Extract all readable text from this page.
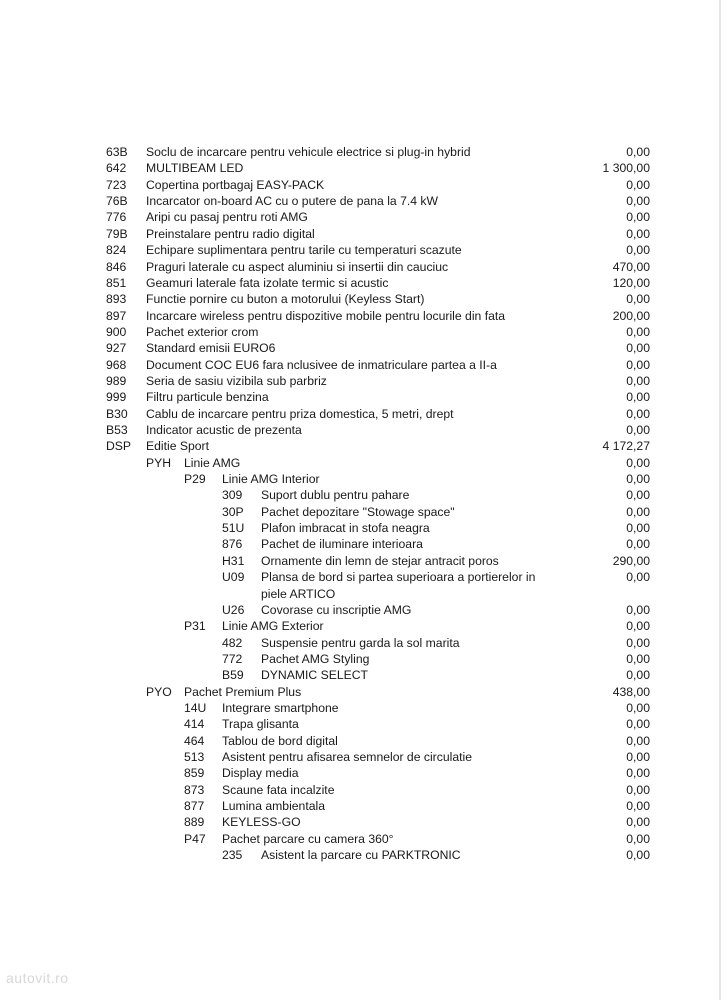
63B Soclu de incarcare pentru vehicule electrice si plug-in hybrid	0,00
642 MULTIBEAM LED	1 300,00
723 Copertina portbagaj EASY-PACK	0,00
76B Incarcator on-board AC cu o putere de pana la 7.4 kW	0,00
776 Aripi cu pasaj pentru roti AMG	0,00
79B Preinstalare pentru radio digital	0,00
824 Echipare suplimentara pentru tarile cu temperaturi scazute	0,00
846 Praguri laterale cu aspect aluminiu si insertii din cauciuc	470,00
851 Geamuri laterale fata izolate termic si acustic	120,00
893 Functie pornire cu buton a motorului (Keyless Start)	0,00
897 Incarcare wireless pentru dispozitive mobile pentru locurile din fata	200,00
900 Pachet exterior crom	0,00
927 Standard emisii EURO6	0,00
968 Document COC EU6 fara nclusivee de inmatriculare partea a II-a	0,00
989 Seria de sasiu vizibila sub parbriz	0,00
999 Filtru particule benzina	0,00
B30 Cablu de incarcare pentru priza domestica, 5 metri, drept	0,00
B53 Indicator acustic de prezenta	0,00
DSP Editie Sport	4 172,27
PYH Linie AMG	0,00
P29 Linie AMG Interior	0,00
309 Suport dublu pentru pahare	0,00
30P Pachet depozitare "Stowage space"	0,00
51U Plafon imbracat in stofa neagra	0,00
876 Pachet de iluminare interioara	0,00
H31 Ornamente din lemn de stejar antracit poros	290,00
U09 Plansa de bord si partea superioara a portierelor in	0,00
piele ARTICO
U26 Covorase cu inscriptie AMG	0,00
P31 Linie AMG Exterior	0,00
482 Suspensie pentru garda la sol marita	0,00
772 Pachet AMG Styling	0,00
B59 DYNAMIC SELECT	0,00
PYO Pachet Premium Plus	438,00
14U Integrare smartphone	0,00
414 Trapa glisanta	0,00
464 Tablou de bord digital	0,00
513 Asistent pentru afisarea semnelor de circulatie	0,00
859 Display media	0,00
873 Scaune fata incalzite	0,00
877 Lumina ambientala	0,00
889 KEYLESS-GO	0,00
P47 Pachet parcare cu camera 360°	0,00
235 Asistent la parcare cu PARKTRONIC	0,00
autovit.ro
